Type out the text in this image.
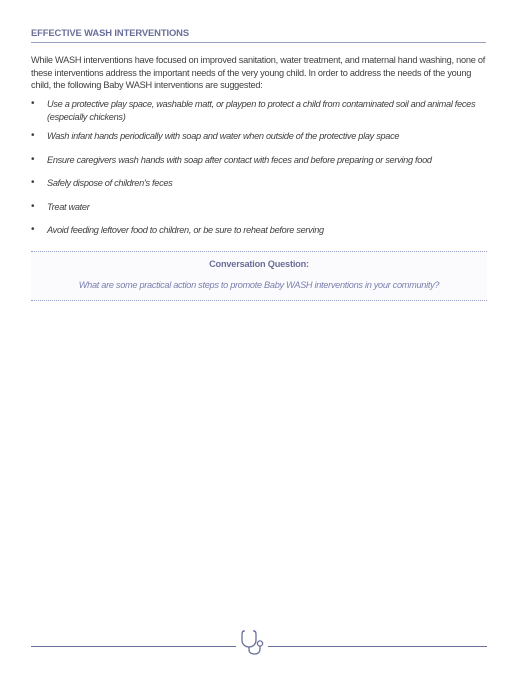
EFFECTIVE WASH INTERVENTIONS
While WASH interventions have focused on improved sanitation, water treatment, and maternal hand washing, none of these interventions address the important needs of the very young child. In order to address the needs of the young child, the following Baby WASH interventions are suggested:
• Use a protective play space, washable matt, or playpen to protect a child from contaminated soil and animal feces (especially chickens)
• Wash infant hands periodically with soap and water when outside of the protective play space
• Ensure caregivers wash hands with soap after contact with feces and before preparing or serving food
• Safely dispose of children’s feces
• Treat water
• Avoid feeding leftover food to children, or be sure to reheat before serving
Conversation Question:
What are some practical action steps to promote Baby WASH interventions in your community?
